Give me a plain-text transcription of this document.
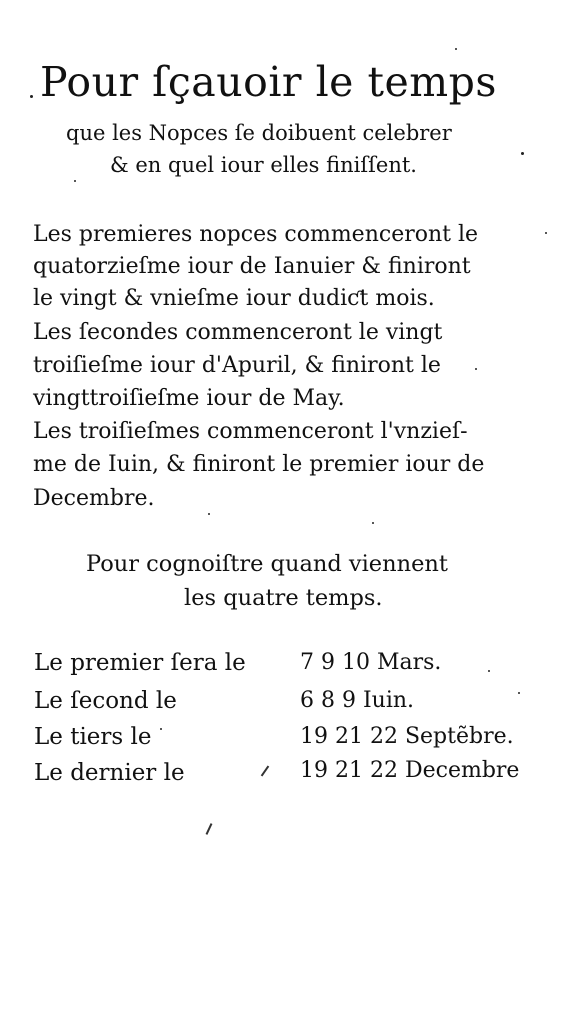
Pour ſçauoir le temps
que les Nopces ſe doibuent celebrer
& en quel iour elles finiſſent.
Les premieres nopces commenceront le
quatorzieſme iour de Ianuier & finiront
le vingt & vnieſme iour dudiƈt mois.
Les ſecondes commenceront le vingt
troiſieſme iour d'Apuril, & finiront le
vingttroiſieſme iour de May.
Les troiſieſmes commenceront l'vnzieſ-
me de Iuin, & finiront le premier iour de
Decembre.
Pour cognoiſtre quand viennent
les quatre temps.
Le premier ſera le 7 9 10 Mars.
Le ſecond le	6 8 9 Iuin.
Le tiers le	19 21 22 Septẽbre.
Le dernier le	19 21 22 Decembre
